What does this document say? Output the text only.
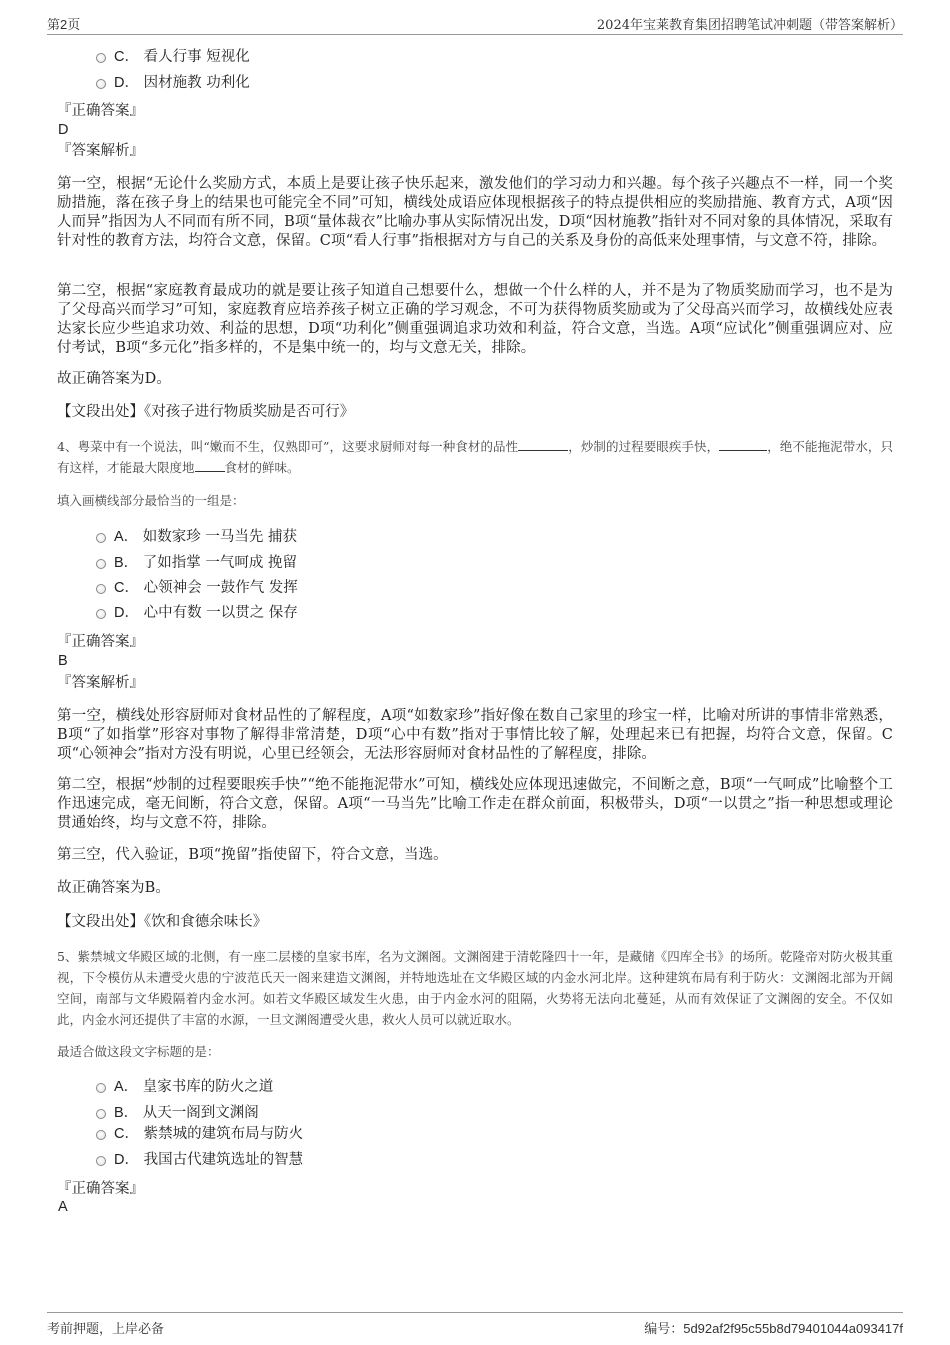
第2页	2024年宝莱教育集团招聘笔试冲刺题（带答案解析）
C． 看人行事 短视化
D． 因材施教 功利化
『正确答案』
D
『答案解析』
第一空，根据“无论什么奖励方式，本质上是要让孩子快乐起来，激发他们的学习动力和兴趣。每个孩子兴趣点不一样，同一个奖励措施，落在孩子身上的结果也可能完全不同”可知，横线处成语应体现根据孩子的特点提供相应的奖励措施、教育方式，A项“因人而异”指因为人不同而有所不同，B项“量体裁衣”比喻办事从实际情况出发，D项“因材施教”指针对不同对象的具体情况，采取有针对性的教育方法，均符合文意，保留。C项“看人行事”指根据对方与自己的关系及身份的高低来处理事情，与文意不符，排除。
第二空，根据“家庭教育最成功的就是要让孩子知道自己想要什么，想做一个什么样的人，并不是为了物质奖励而学习，也不是为了父母高兴而学习”可知，家庭教育应培养孩子树立正确的学习观念，不可为获得物质奖励或为了父母高兴而学习，故横线处应表达家长应少些追求功效、利益的思想，D项“功利化”侧重强调追求功效和利益，符合文意，当选。A项“应试化”侧重强调应对、应付考试，B项“多元化”指多样的，不是集中统一的，均与文意无关，排除。
故正确答案为D。
【文段出处】《对孩子进行物质奖励是否可行》
4、粤菜中有一个说法，叫“嫩而不生，仅熟即可”，这要求厨师对每一种食材的品性	，炒制的过程要眼疾手快，	，绝不能拖泥带水，只有这样，才能最大限度地 食材的鲜味。
填入画横线部分最恰当的一组是：
A． 如数家珍 一马当先 捕获
B． 了如指掌 一气呵成 挽留
C． 心领神会 一鼓作气 发挥
D． 心中有数 一以贯之 保存
『正确答案』
B
『答案解析』
第一空，横线处形容厨师对食材品性的了解程度，A项“如数家珍”指好像在数自己家里的珍宝一样，比喻对所讲的事情非常熟悉，B项“了如指掌”形容对事物了解得非常清楚，D项“心中有数”指对于事情比较了解，处理起来已有把握，均符合文意，保留。C项“心领神会”指对方没有明说，心里已经领会，无法形容厨师对食材品性的了解程度，排除。
第二空，根据“炒制的过程要眼疾手快”“绝不能拖泥带水”可知，横线处应体现迅速做完，不间断之意，B项“一气呵成”比喻整个工作迅速完成，毫无间断，符合文意，保留。A项“一马当先”比喻工作走在群众前面，积极带头，D项“一以贯之”指一种思想或理论贯通始终，均与文意不符，排除。
第三空，代入验证，B项“挽留”指使留下，符合文意，当选。
故正确答案为B。
【文段出处】《饮和食德余味长》
5、紫禁城文华殿区域的北侧，有一座二层楼的皇家书库，名为文渊阁。文渊阁建于清乾隆四十一年，是藏储《四库全书》的场所。乾隆帝对防火极其重视，下令模仿从未遭受火患的宁波范氏天一阁来建造文渊阁，并特地选址在文华殿区域的内金水河北岸。这种建筑布局有利于防火：文渊阁北部为开阔空间，南部与文华殿隔着内金水河。如若文华殿区域发生火患，由于内金水河的阻隔，火势将无法向北蔓延，从而有效保证了文渊阁的安全。不仅如此，内金水河还提供了丰富的水源，一旦文渊阁遭受火患，救火人员可以就近取水。
最适合做这段文字标题的是：
A． 皇家书库的防火之道
B． 从天一阁到文渊阁
C． 紫禁城的建筑布局与防火
D． 我国古代建筑选址的智慧
『正确答案』
A
考前押题，上岸必备	编号：5d92af2f95c55b8d79401044a093417f
